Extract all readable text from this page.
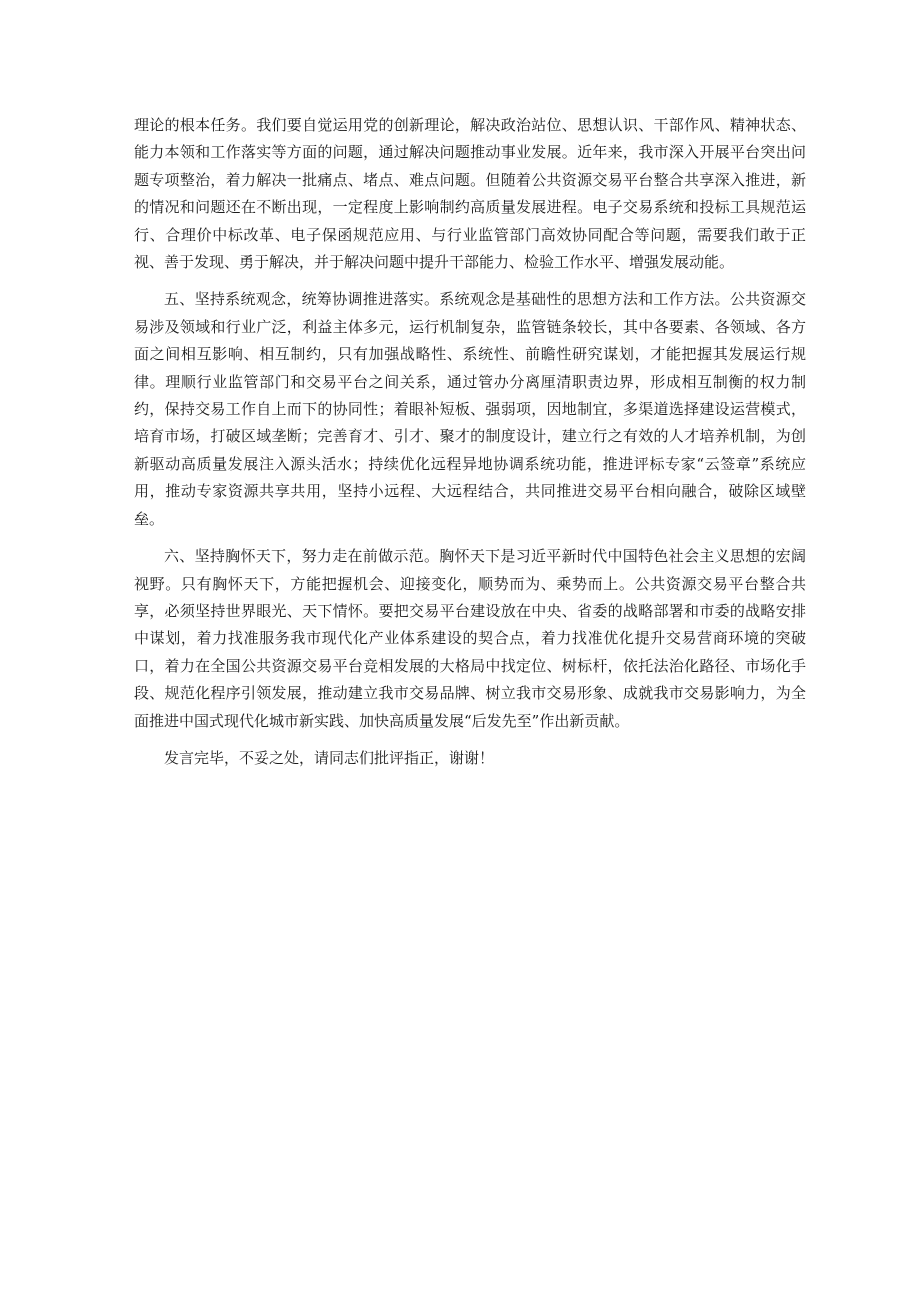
理论的根本任务。我们要自觉运用党的创新理论，解决政治站位、思想认识、干部作风、精神状态、能力本领和工作落实等方面的问题，通过解决问题推动事业发展。近年来，我市深入开展平台突出问题专项整治，着力解决一批痛点、堵点、难点问题。但随着公共资源交易平台整合共享深入推进，新的情况和问题还在不断出现，一定程度上影响制约高质量发展进程。电子交易系统和投标工具规范运行、合理价中标改革、电子保函规范应用、与行业监管部门高效协同配合等问题，需要我们敢于正视、善于发现、勇于解决，并于解决问题中提升干部能力、检验工作水平、增强发展动能。

五、坚持系统观念，统筹协调推进落实。系统观念是基础性的思想方法和工作方法。公共资源交易涉及领域和行业广泛，利益主体多元，运行机制复杂，监管链条较长，其中各要素、各领域、各方面之间相互影响、相互制约，只有加强战略性、系统性、前瞻性研究谋划，才能把握其发展运行规律。理顺行业监管部门和交易平台之间关系，通过管办分离厘清职责边界，形成相互制衡的权力制约，保持交易工作自上而下的协同性；着眼补短板、强弱项，因地制宜，多渠道选择建设运营模式，培育市场，打破区域垄断；完善育才、引才、聚才的制度设计，建立行之有效的人才培养机制，为创新驱动高质量发展注入源头活水；持续优化远程异地协调系统功能，推进评标专家“云签章”系统应用，推动专家资源共享共用，坚持小远程、大远程结合，共同推进交易平台相向融合，破除区域壁垒。

六、坚持胸怀天下，努力走在前做示范。胸怀天下是习近平新时代中国特色社会主义思想的宏阔视野。只有胸怀天下，方能把握机会、迎接变化，顺势而为、乘势而上。公共资源交易平台整合共享，必须坚持世界眼光、天下情怀。要把交易平台建设放在中央、省委的战略部署和市委的战略安排中谋划，着力找准服务我市现代化产业体系建设的契合点，着力找准优化提升交易营商环境的突破口，着力在全国公共资源交易平台竞相发展的大格局中找定位、树标杆，依托法治化路径、市场化手段、规范化程序引领发展，推动建立我市交易品牌、树立我市交易形象、成就我市交易影响力，为全面推进中国式现代化城市新实践、加快高质量发展“后发先至”作出新贡献。

发言完毕，不妥之处，请同志们批评指正，谢谢！
